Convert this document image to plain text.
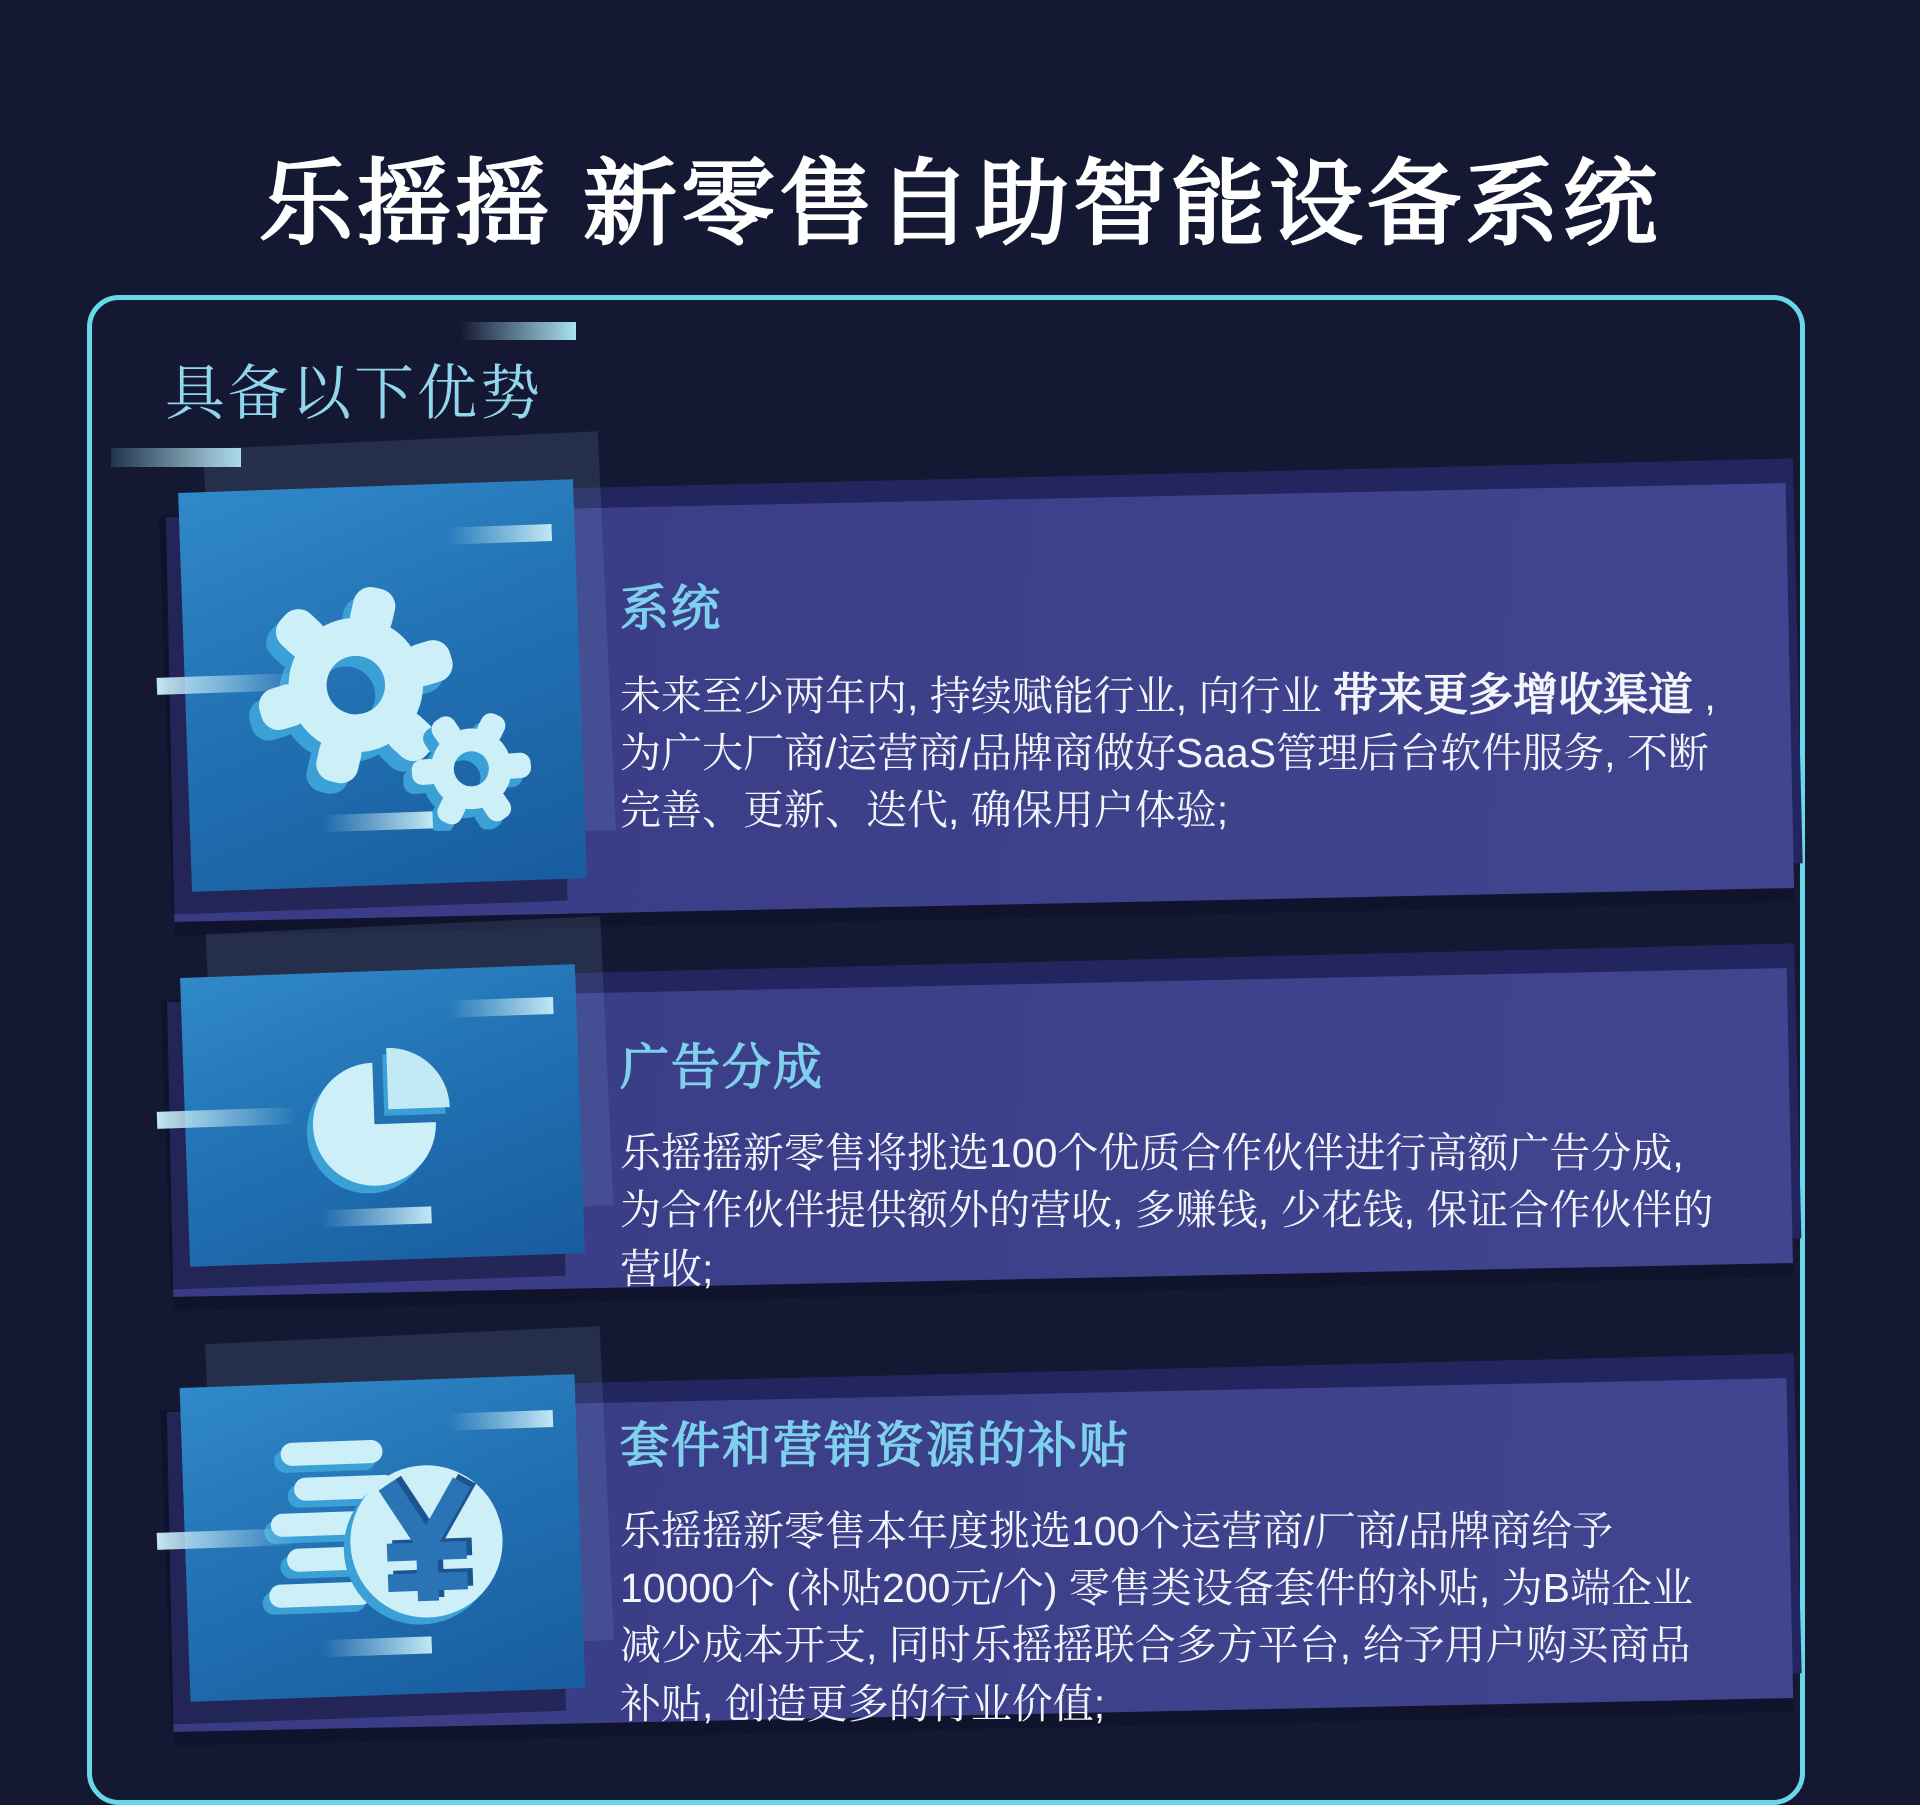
乐摇摇 新零售自助智能设备系统
具备以下优势
系统

未来至少两年内, 持续赋能行业, 向行业 带来更多增收渠道 , 为广大厂商/运营商/品牌商做好SaaS管理后台软件服务, 不断完善、更新、迭代, 确保用户体验;

广告分成

乐摇摇新零售将挑选100个优质合作伙伴进行高额广告分成, 为合作伙伴提供额外的营收, 多赚钱, 少花钱, 保证合作伙伴的营收;

套件和营销资源的补贴

乐摇摇新零售本年度挑选100个运营商/厂商/品牌商给予10000个 (补贴200元/个) 零售类设备套件的补贴, 为B端企业减少成本开支, 同时乐摇摇联合多方平台, 给予用户购买商品补贴, 创造更多的行业价值;
